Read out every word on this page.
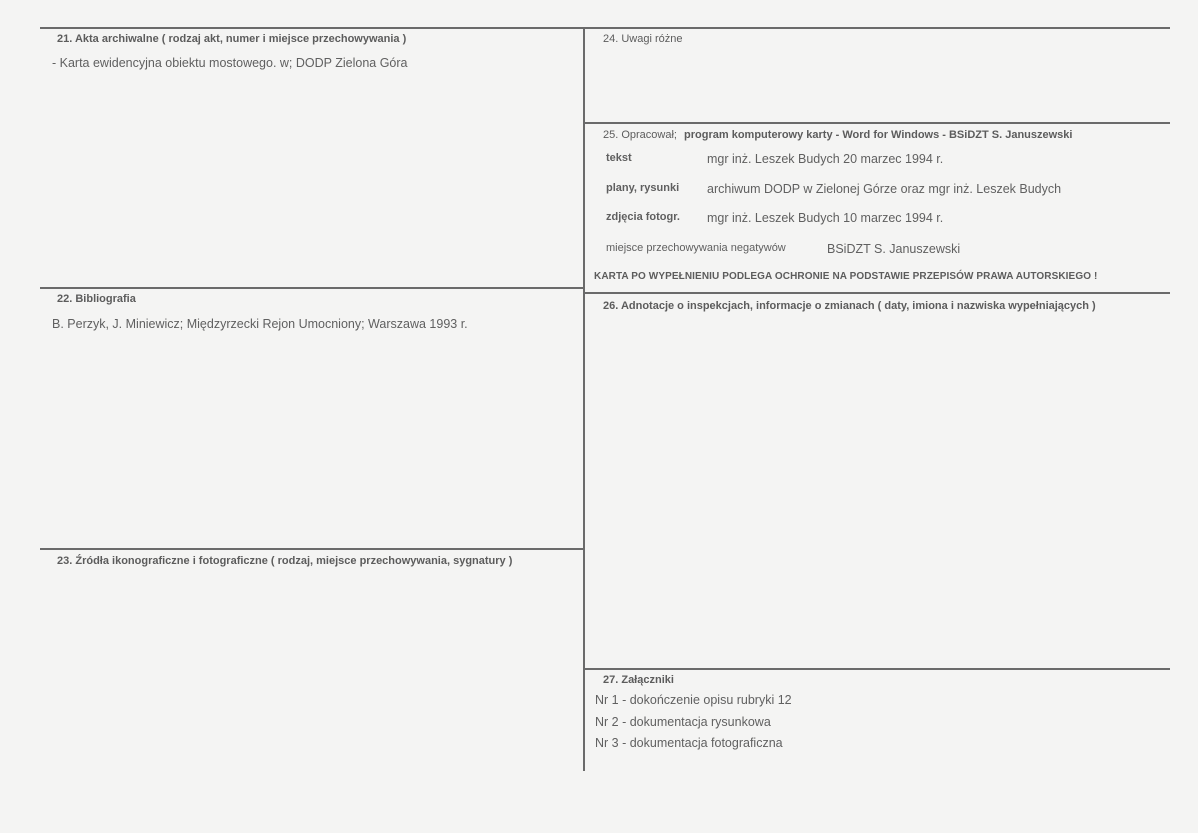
21. Akta archiwalne ( rodzaj akt, numer i miejsce przechowywania )
- Karta ewidencyjna obiektu mostowego. w; DODP Zielona Góra
22. Bibliografia
B. Perzyk, J. Miniewicz; Międzyrzecki Rejon Umocniony; Warszawa 1993 r.
23. Źródła ikonograficzne i fotograficzne ( rodzaj, miejsce przechowywania, sygnatury )
24. Uwagi różne
25. Opracował; program komputerowy karty - Word for Windows - BSiDZT S. Januszewski
tekst	mgr inż. Leszek Budych 20 marzec 1994 r.
plany, rysunki archiwum DODP w Zielonej Górze oraz mgr inż. Leszek Budych
zdjęcia fotogr. mgr inż. Leszek Budych 10 marzec 1994 r.
miejsce przechowywania negatywów	BSiDZT S. Januszewski
KARTA PO WYPEŁNIENIU PODLEGA OCHRONIE NA PODSTAWIE PRZEPISÓW PRAWA AUTORSKIEGO !
26. Adnotacje o inspekcjach, informacje o zmianach ( daty, imiona i nazwiska wypełniających )
27. Załączniki
Nr 1 - dokończenie opisu rubryki 12
Nr 2 - dokumentacja rysunkowa
Nr 3 - dokumentacja fotograficzna
